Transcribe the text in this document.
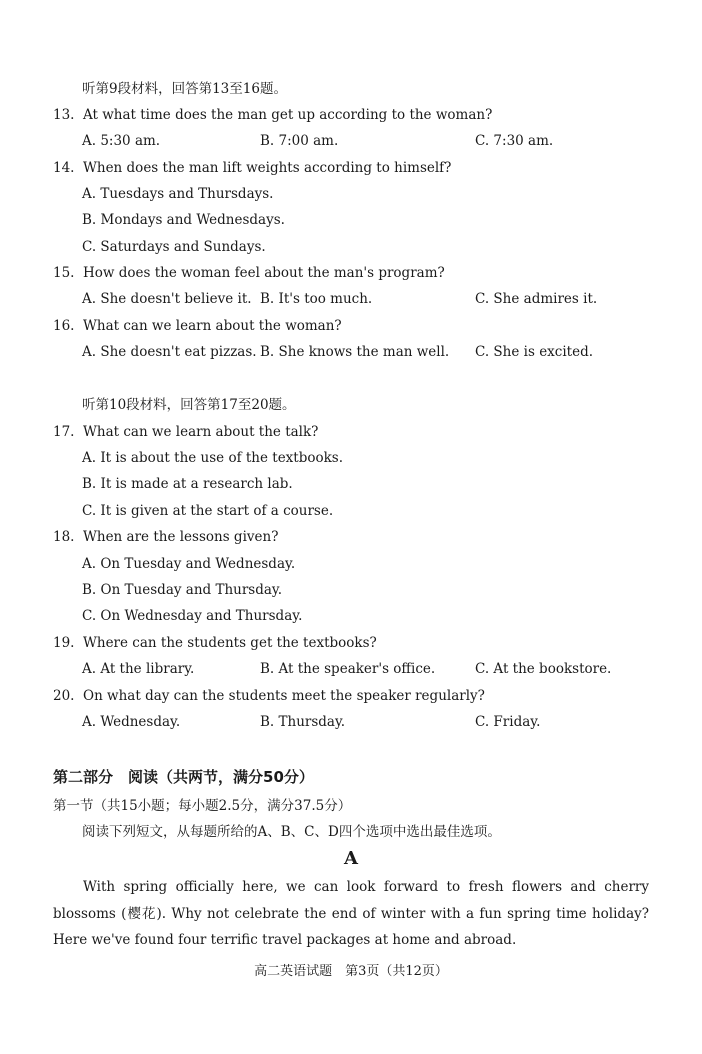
听第9段材料，回答第13至16题。
13. At what time does the man get up according to the woman?
A. 5:30 am.	B. 7:00 am.	C. 7:30 am.
14. When does the man lift weights according to himself?
A. Tuesdays and Thursdays.
B. Mondays and Wednesdays.
C. Saturdays and Sundays.
15. How does the woman feel about the man's program?
A. She doesn't believe it. B. It's too much.	C. She admires it.
16. What can we learn about the woman?
A. She doesn't eat pizzas. B. She knows the man well. C. She is excited.
听第10段材料，回答第17至20题。
17. What can we learn about the talk?
A. It is about the use of the textbooks.
B. It is made at a research lab.
C. It is given at the start of a course.
18. When are the lessons given?
A. On Tuesday and Wednesday.
B. On Tuesday and Thursday.
C. On Wednesday and Thursday.
19. Where can the students get the textbooks?
A. At the library.	B. At the speaker's office.	C. At the bookstore.
20. On what day can the students meet the speaker regularly?
A. Wednesday.	B. Thursday.	C. Friday.
第二部分　阅读（共两节，满分50分）
第一节（共15小题；每小题2.5分，满分37.5分）
阅读下列短文，从每题所给的A、B、C、D四个选项中选出最佳选项。
A

With spring officially here, we can look forward to fresh flowers and cherry blossoms (樱花). Why not celebrate the end of winter with a fun spring time holiday? Here we've found four terrific travel packages at home and abroad.

高二英语试题　第3页（共12页）
